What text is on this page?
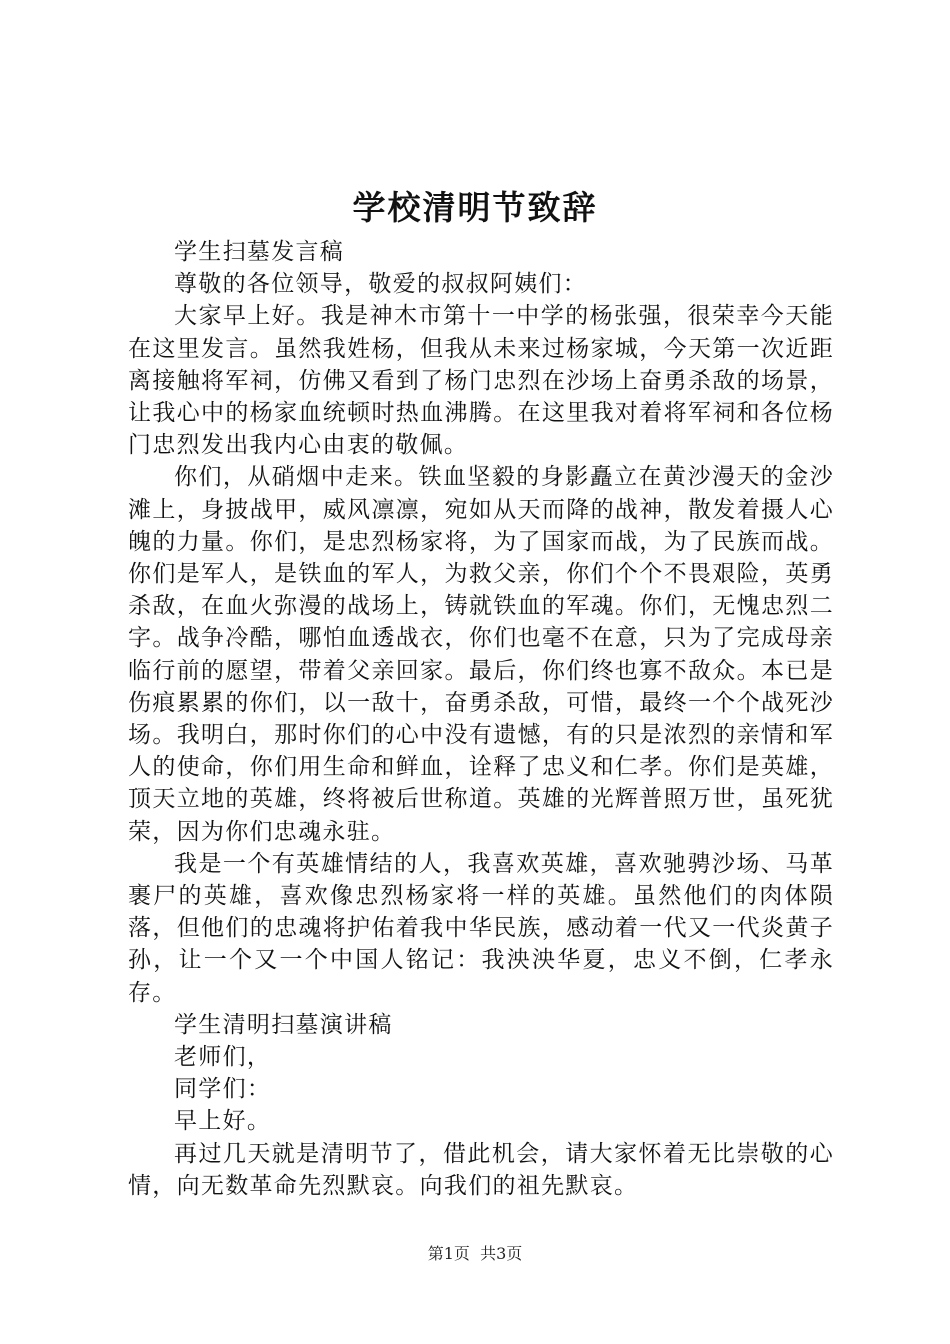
学校清明节致辞

学生扫墓发言稿

尊敬的各位领导，敬爱的叔叔阿姨们：

大家早上好。我是神木市第十一中学的杨张强，很荣幸今天能在这里发言。虽然我姓杨，但我从未来过杨家城，今天第一次近距离接触将军祠，仿佛又看到了杨门忠烈在沙场上奋勇杀敌的场景，让我心中的杨家血统顿时热血沸腾。在这里我对着将军祠和各位杨门忠烈发出我内心由衷的敬佩。

你们，从硝烟中走来。铁血坚毅的身影矗立在黄沙漫天的金沙滩上，身披战甲，威风凛凛，宛如从天而降的战神，散发着摄人心魄的力量。你们，是忠烈杨家将，为了国家而战，为了民族而战。你们是军人，是铁血的军人，为救父亲，你们个个不畏艰险，英勇杀敌，在血火弥漫的战场上，铸就铁血的军魂。你们，无愧忠烈二字。战争冷酷，哪怕血透战衣，你们也毫不在意，只为了完成母亲临行前的愿望，带着父亲回家。最后，你们终也寡不敌众。本已是伤痕累累的你们，以一敌十，奋勇杀敌，可惜，最终一个个战死沙场。我明白，那时你们的心中没有遗憾，有的只是浓烈的亲情和军人的使命，你们用生命和鲜血，诠释了忠义和仁孝。你们是英雄，顶天立地的英雄，终将被后世称道。英雄的光辉普照万世，虽死犹荣，因为你们忠魂永驻。

我是一个有英雄情结的人，我喜欢英雄，喜欢驰骋沙场、马革裹尸的英雄，喜欢像忠烈杨家将一样的英雄。虽然他们的肉体陨落，但他们的忠魂将护佑着我中华民族，感动着一代又一代炎黄子孙，让一个又一个中国人铭记：我泱泱华夏，忠义不倒，仁孝永存。

学生清明扫墓演讲稿

老师们，

同学们：

早上好。

再过几天就是清明节了，借此机会，请大家怀着无比崇敬的心情，向无数革命先烈默哀。向我们的祖先默哀。

第1页 共3页
